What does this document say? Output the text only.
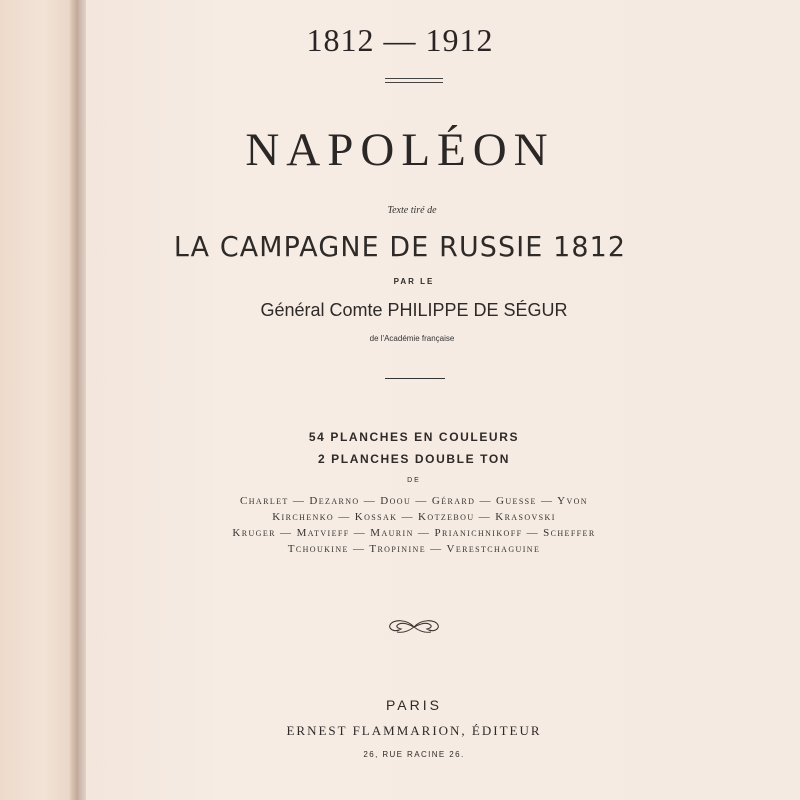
1812 — 1912
NAPOLÉON
Texte tiré de
LA CAMPAGNE DE RUSSIE 1812
PAR LE
Général Comte PHILIPPE DE SÉGUR
de l'Académie française
54 PLANCHES EN COULEURS
2 PLANCHES DOUBLE TON
DE
Charlet — Dezarno — Doou — Gérard — Guesse — Yvon
Kirchenko — Kossak — Kotzebou — Krasovski
Kruger — Matvieff — Maurin — Prianichnikoff — Scheffer
Tchoukine — Tropinine — Verestchaguine
PARIS
ERNEST FLAMMARION, ÉDITEUR
26, RUE RACINE 26.
